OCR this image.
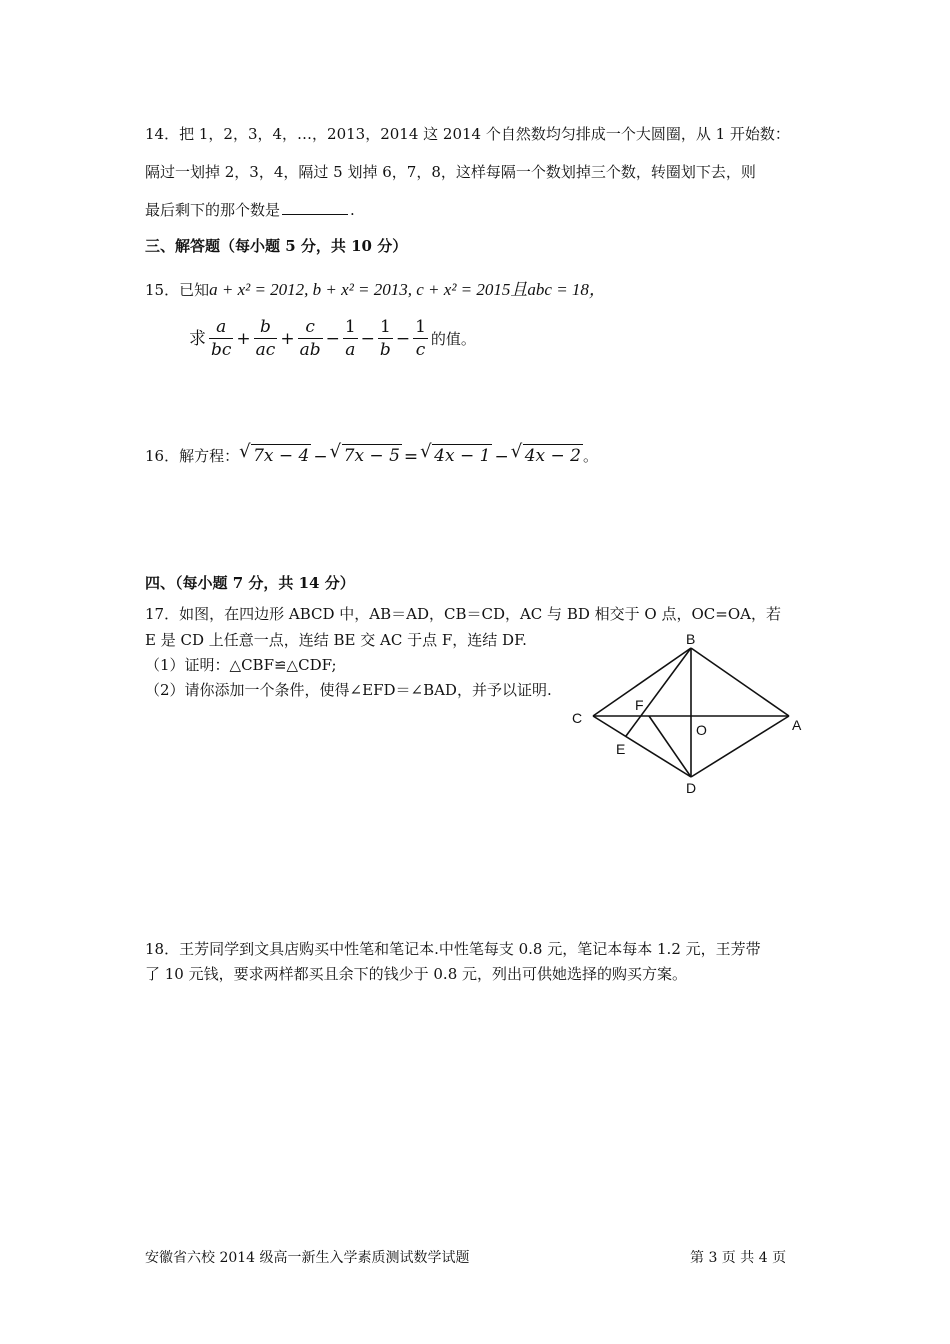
14．把 1，2，3，4，…，2013，2014 这 2014 个自然数均匀排成一个大圆圈，从 1 开始数：
隔过一划掉 2，3，4，隔过 5 划掉 6，7，8，这样每隔一个数划掉三个数，转圈划下去，则
最后剩下的那个数是	.
三、解答题（每小题 5 分，共 10 分）
15．已知a + x² = 2012, b + x² = 2013, c + x² = 2015且abc = 18，
求 $\frac{a}{bc} + \frac{b}{ac} + \frac{c}{ab} - \frac{1}{a} - \frac{1}{b} - \frac{1}{c}$ 的值。
16．解方程： √ 7x − 4 − √ 7x − 5 = √ 4x − 1 − √ 4x − 2 。
四、（每小题 7 分，共 14 分）
17．如图，在四边形 ABCD 中，AB＝AD，CB＝CD，AC 与 BD 相交于 O 点，OC=OA，若
E 是 CD 上任意一点，连结 BE 交 AC 于点 F，连结 DF.
（1）证明：△CBF≌△CDF;
（2）请你添加一个条件，使得∠EFD＝∠BAD，并予以证明.
B
C	A
D
F
O
E
18．王芳同学到文具店购买中性笔和笔记本.中性笔每支 0.8 元，笔记本每本 1.2 元，王芳带
了 10 元钱，要求两样都买且余下的钱少于 0.8 元，列出可供她选择的购买方案。
安徽省六校 2014 级高一新生入学素质测试数学试题	第 3 页 共 4 页
